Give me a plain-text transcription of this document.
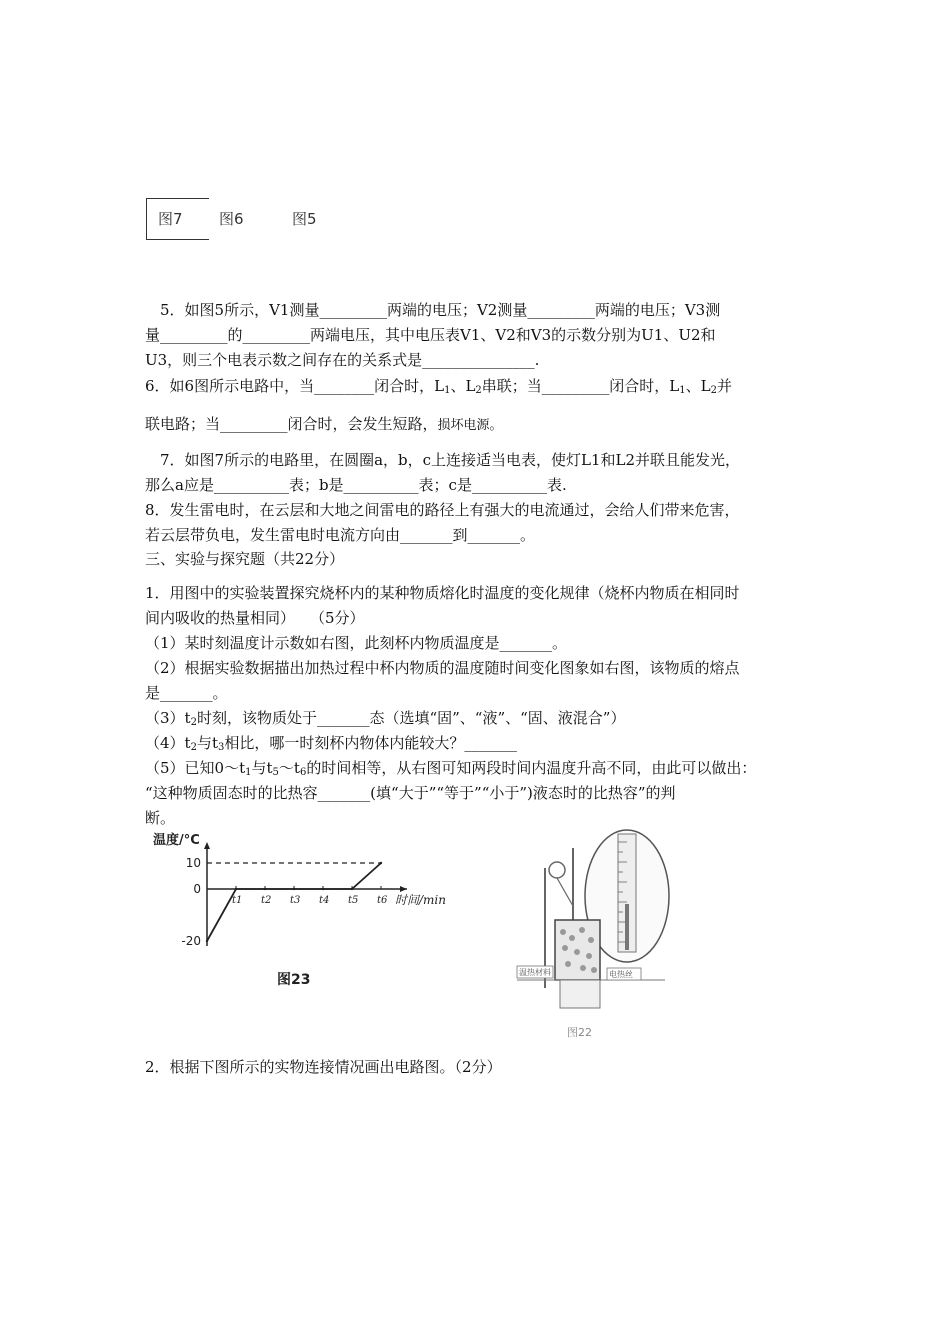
图7 图6	图5
5．如图5所示，V1测量_________两端的电压；V2测量_________两端的电压；V3测
量_________的_________两端电压，其中电压表V1、V2和V3的示数分别为U1、U2和
U3，则三个电表示数之间存在的关系式是_______________.
6．如6图所示电路中，当________闭合时，$L_1$、$L_2$串联；当_________闭合时，$L_1$、$L_2$并
联电路；当_________闭合时，会发生短路，损坏电源。
7．如图7所示的电路里，在圆圈a，b，c上连接适当电表，使灯L1和L2并联且能发光，
那么a应是__________表；b是__________表；c是__________表.
8．发生雷电时，在云层和大地之间雷电的路径上有强大的电流通过，会给人们带来危害，
若云层带负电，发生雷电时电流方向由_______到_______。
三、实验与探究题（共22分）
1．用图中的实验装置探究烧杯内的某种物质熔化时温度的变化规律（烧杯内物质在相同时
间内吸收的热量相同）　　（5分）
（1）某时刻温度计示数如右图，此刻杯内物质温度是_______。
（2）根据实验数据描出加热过程中杯内物质的温度随时间变化图象如右图，该物质的熔点
是_______。
$(3)t_2$时刻，该物质处于_______态（选填“固”、“液”、“固、液混合”）
$(4)t_2$与$t_3$相比，哪一时刻杯内物体内能较大？_______
（5）已知$0\sim t_1$与$t_5\sim t_6$的时间相等，从右图可知两段时间内温度升高不同，由此可以做出：
“这种物质固态时的比热容_______(填“大于”“等于”“小于”)液态时的比热容”的判
断。
温度/°C
时间/min
图23
10
0
-20
t1 t2 t3 t4 t5 t6
温热材料	电热丝
图22
2．根据下图所示的实物连接情况画出电路图。（2分）
